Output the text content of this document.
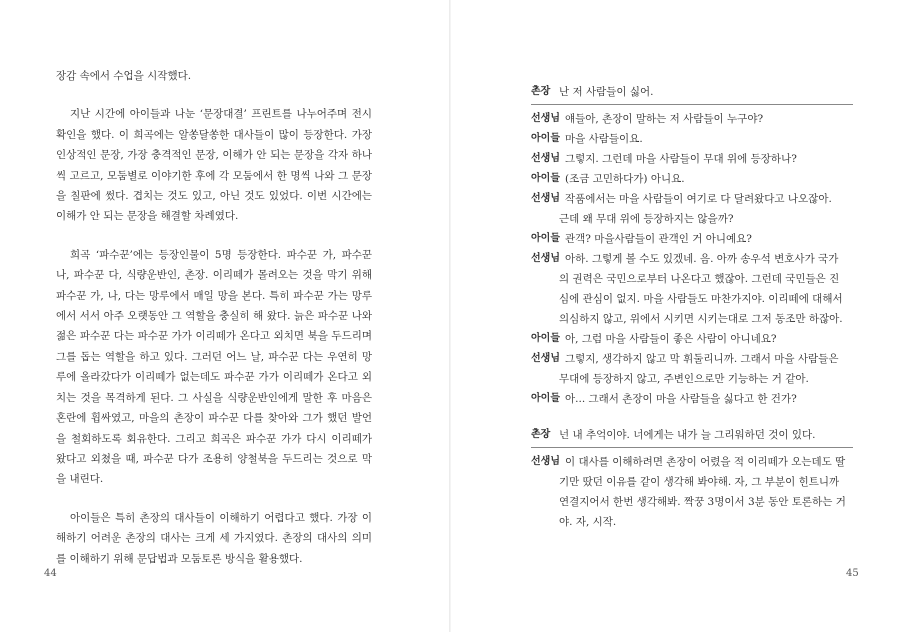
장감 속에서 수업을 시작했다.

지난 시간에 아이들과 나눈 ‘문장대결’ 프린트를 나누어주며 전시 확인을 했다. 이 희곡에는 알쏭달쏭한 대사들이 많이 등장한다. 가장 인상적인 문장, 가장 충격적인 문장, 이해가 안 되는 문장을 각자 하나씩 고르고, 모둠별로 이야기한 후에 각 모둠에서 한 명씩 나와 그 문장을 칠판에 썼다. 겹치는 것도 있고, 아닌 것도 있었다. 이번 시간에는 이해가 안 되는 문장을 해결할 차례였다.

희곡 ‘파수꾼’에는 등장인물이 5명 등장한다. 파수꾼 가, 파수꾼 나, 파수꾼 다, 식량운반인, 촌장. 이리떼가 몰려오는 것을 막기 위해 파수꾼 가, 나, 다는 망루에서 매일 망을 본다. 특히 파수꾼 가는 망루에서 서서 아주 오랫동안 그 역할을 충실히 해 왔다. 늙은 파수꾼 나와 젊은 파수꾼 다는 파수꾼 가가 이리떼가 온다고 외치면 북을 두드리며 그를 돕는 역할을 하고 있다. 그러던 어느 날, 파수꾼 다는 우연히 망루에 올라갔다가 이리떼가 없는데도 파수꾼 가가 이리떼가 온다고 외치는 것을 목격하게 된다. 그 사실을 식량운반인에게 말한 후 마음은 혼란에 휩싸였고, 마을의 촌장이 파수꾼 다를 찾아와 그가 했던 발언을 철회하도록 회유한다. 그리고 희곡은 파수꾼 가가 다시 이리떼가 왔다고 외쳤을 때, 파수꾼 다가 조용히 양철북을 두드리는 것으로 막을 내린다.

아이들은 특히 촌장의 대사들이 이해하기 어렵다고 했다. 가장 이해하기 어려운 촌장의 대사는 크게 세 가지였다. 촌장의 대사의 의미를 이해하기 위해 문답법과 모둠토론 방식을 활용했다.

44
촌장 난 저 사람들이 싫어.
선생님 얘들아, 촌장이 말하는 저 사람들이 누구야?
아이들 마을 사람들이요.
선생님 그렇지. 그런데 마을 사람들이 무대 위에 등장하나?
아이들 (조금 고민하다가) 아니요.
선생님 작품에서는 마을 사람들이 여기로 다 달려왔다고 나오잖아.
근데 왜 무대 위에 등장하지는 않을까?
아이들 관객? 마을사람들이 관객인 거 아니예요?
선생님 아하. 그렇게 볼 수도 있겠네. 음. 아까 송우석 변호사가 국가
의 권력은 국민으로부터 나온다고 했잖아. 그런데 국민들은 진
심에 관심이 없지. 마을 사람들도 마찬가지야. 이리떼에 대해서
의심하지 않고, 위에서 시키면 시키는대로 그저 동조만 하잖아.
아이들 아, 그럼 마을 사람들이 좋은 사람이 아니네요?
선생님 그렇지, 생각하지 않고 막 휘둘리니까. 그래서 마을 사람들은
무대에 등장하지 않고, 주변인으로만 기능하는 거 같아.
아이들 아... 그래서 촌장이 마을 사람들을 싫다고 한 건가?
촌장 넌 내 추억이야. 너에게는 내가 늘 그리워하던 것이 있다.
선생님 이 대사를 이해하려면 촌장이 어렸을 적 이리떼가 오는데도 딸
기만 땄던 이유를 같이 생각해 봐야해. 자, 그 부분이 힌트니까
연결지어서 한번 생각해봐. 짝꿍 3명이서 3분 동안 토론하는 거
야. 자, 시작.
45
